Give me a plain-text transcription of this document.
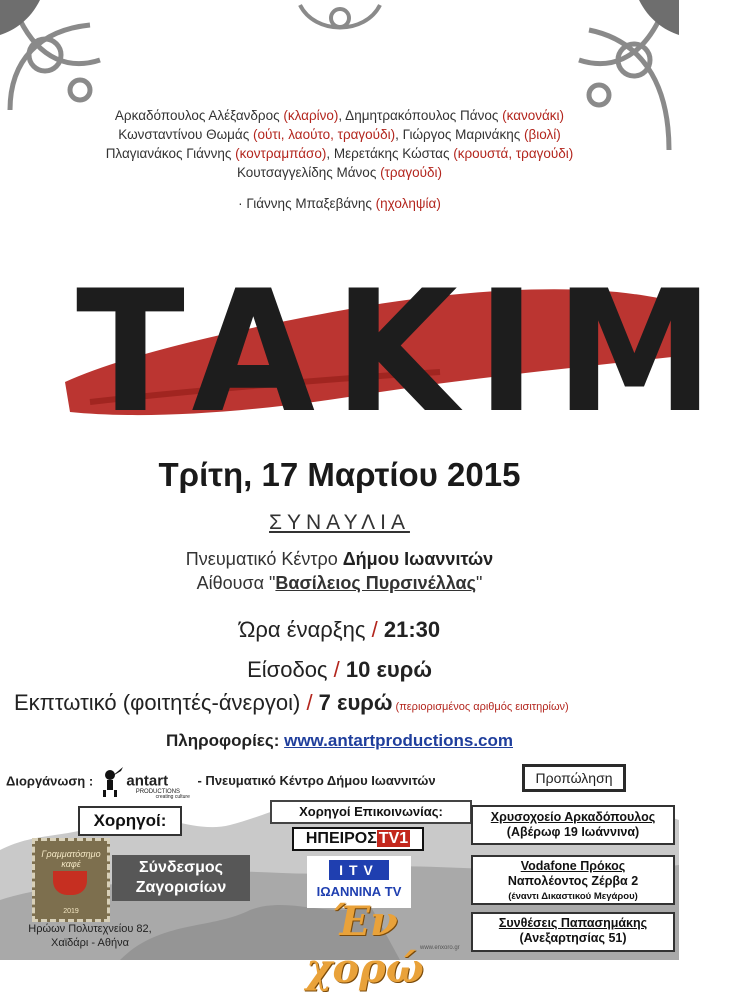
Αρκαδόπουλος Αλέξανδρος (κλαρίνο), Δημητρακόπουλος Πάνος (κανονάκι)
Κωνσταντίνου Θωμάς (ούτι, λαούτο, τραγούδι), Γιώργος Μαρινάκης (βιολί)
Πλαγιανάκος Γιάννης (κοντραμπάσο), Μερετάκης Κώστας (κρουστά, τραγούδι)
Κουτσαγγελίδης Μάνος (τραγούδι)
· Γιάννης Μπαξεβάνης (ηχοληψία)
TAKIM
Τρίτη, 17 Μαρτίου 2015
ΣΥΝΑΥΛΙΑ
Πνευματικό Κέντρο Δήμου Ιωαννιτών
Αίθουσα "Βασίλειος Πυρσινέλλας"
Ώρα έναρξης / 21:30
Είσοδος / 10 ευρώ
Εκπτωτικό (φοιτητές-άνεργοι) / 7 ευρώ (περιορισμένος αριθμός εισιτηρίων)
Πληροφορίες: www.antartproductions.com
Διοργάνωση :  antart $_{PRODUCTIONS}$ $_{creating culture}$ - Πνευματικό Κέντρο Δήμου Ιωαννιτών	Προπώληση
Χορηγοί:	Χορηγοί Επικοινωνίας:
Γραμματόσημο καφέ
2019
Σύνδεσμος Ζαγορισίων
Ηρώων Πολυτεχνείου 82,
Χαϊδάρι - Αθήνα
ΗΠΕΙΡΟΣ TV1
ITV
ΙΩΑΝΝΙΝΑ TV
Έν χορώ
www.enxoro.gr
Χρυσοχοείο Αρκαδόπουλος
(Αβέρωφ 19 Ιωάννινα)
Vodafone Πρόκος
Ναπολέοντος Ζέρβα 2
(έναντι Δικαστικού Μεγάρου)
Συνθέσεις Παπασημάκης
(Ανεξαρτησίας 51)
